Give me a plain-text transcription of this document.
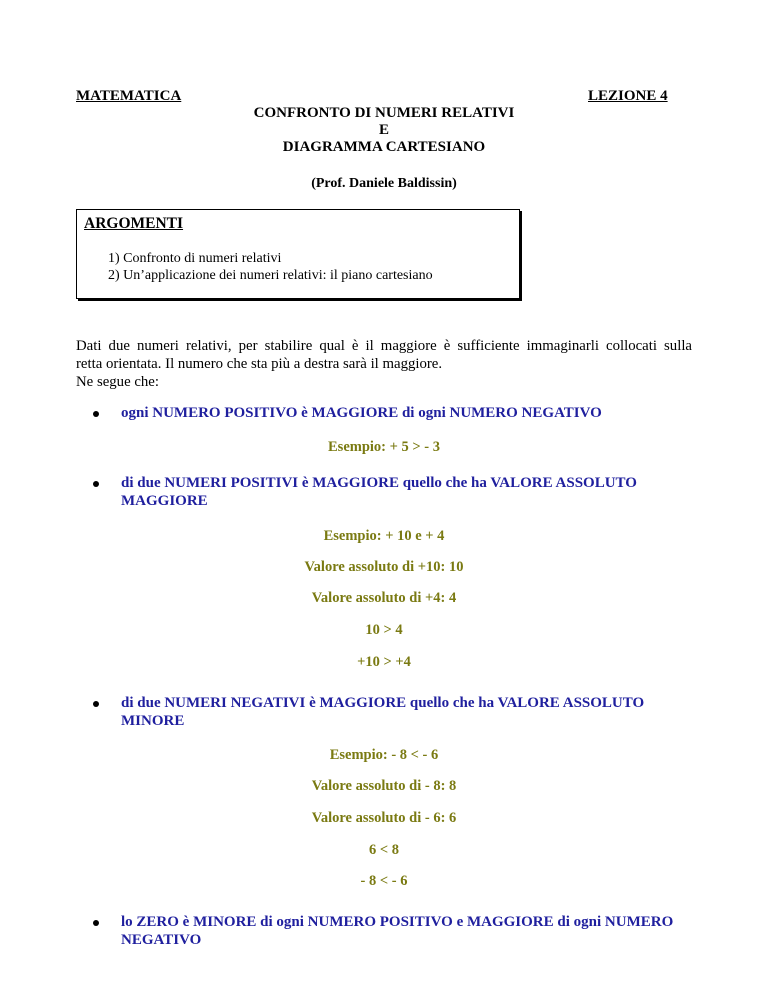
MATEMATICA	LEZIONE 4
CONFRONTO DI NUMERI RELATIVI
E
DIAGRAMMA CARTESIANO
(Prof. Daniele Baldissin)
ARGOMENTI
1) Confronto di numeri relativi
2) Un’applicazione dei numeri relativi: il piano cartesiano
Dati due numeri relativi, per stabilire qual è il maggiore è sufficiente immaginarli collocati sulla
retta orientata. Il numero che sta più a destra sarà il maggiore.
Ne segue che:
ogni NUMERO POSITIVO è MAGGIORE di ogni NUMERO NEGATIVO
Esempio: + 5 > - 3
di due NUMERI POSITIVI è MAGGIORE quello che ha VALORE ASSOLUTO
MAGGIORE
Esempio: + 10 e + 4
Valore assoluto di +10: 10
Valore assoluto di +4: 4
10 > 4
+10 > +4
di due NUMERI NEGATIVI è MAGGIORE quello che ha VALORE ASSOLUTO
MINORE
Esempio: - 8 < - 6
Valore assoluto di - 8: 8
Valore assoluto di - 6: 6
6 < 8
- 8 < - 6
lo ZERO è MINORE di ogni NUMERO POSITIVO e MAGGIORE di ogni NUMERO
NEGATIVO
